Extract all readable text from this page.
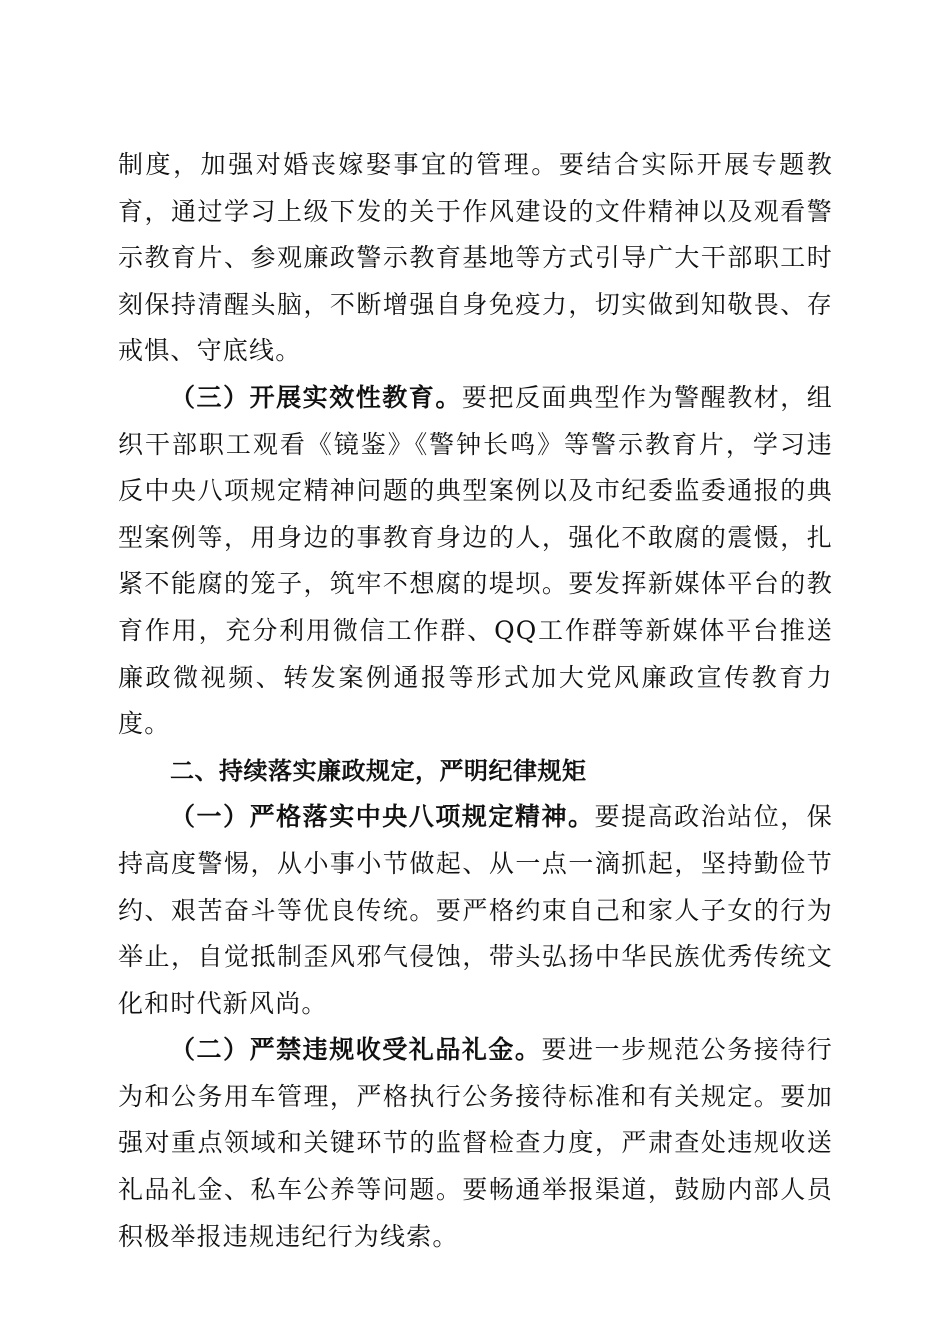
制度，加强对婚丧嫁娶事宜的管理。要结合实际开展专题教育，通过学习上级下发的关于作风建设的文件精神以及观看警示教育片、参观廉政警示教育基地等方式引导广大干部职工时刻保持清醒头脑，不断增强自身免疫力，切实做到知敬畏、存戒惧、守底线。

（三）开展实效性教育。要把反面典型作为警醒教材，组织干部职工观看《镜鉴》《警钟长鸣》等警示教育片，学习违反中央八项规定精神问题的典型案例以及市纪委监委通报的典型案例等，用身边的事教育身边的人，强化不敢腐的震慑，扎紧不能腐的笼子，筑牢不想腐的堤坝。要发挥新媒体平台的教育作用，充分利用微信工作群、QQ工作群等新媒体平台推送廉政微视频、转发案例通报等形式加大党风廉政宣传教育力度。

二、持续落实廉政规定，严明纪律规矩

（一）严格落实中央八项规定精神。要提高政治站位，保持高度警惕，从小事小节做起、从一点一滴抓起，坚持勤俭节约、艰苦奋斗等优良传统。要严格约束自己和家人子女的行为举止，自觉抵制歪风邪气侵蚀，带头弘扬中华民族优秀传统文化和时代新风尚。

（二）严禁违规收受礼品礼金。要进一步规范公务接待行为和公务用车管理，严格执行公务接待标准和有关规定。要加强对重点领域和关键环节的监督检查力度，严肃查处违规收送礼品礼金、私车公养等问题。要畅通举报渠道，鼓励内部人员积极举报违规违纪行为线索。
